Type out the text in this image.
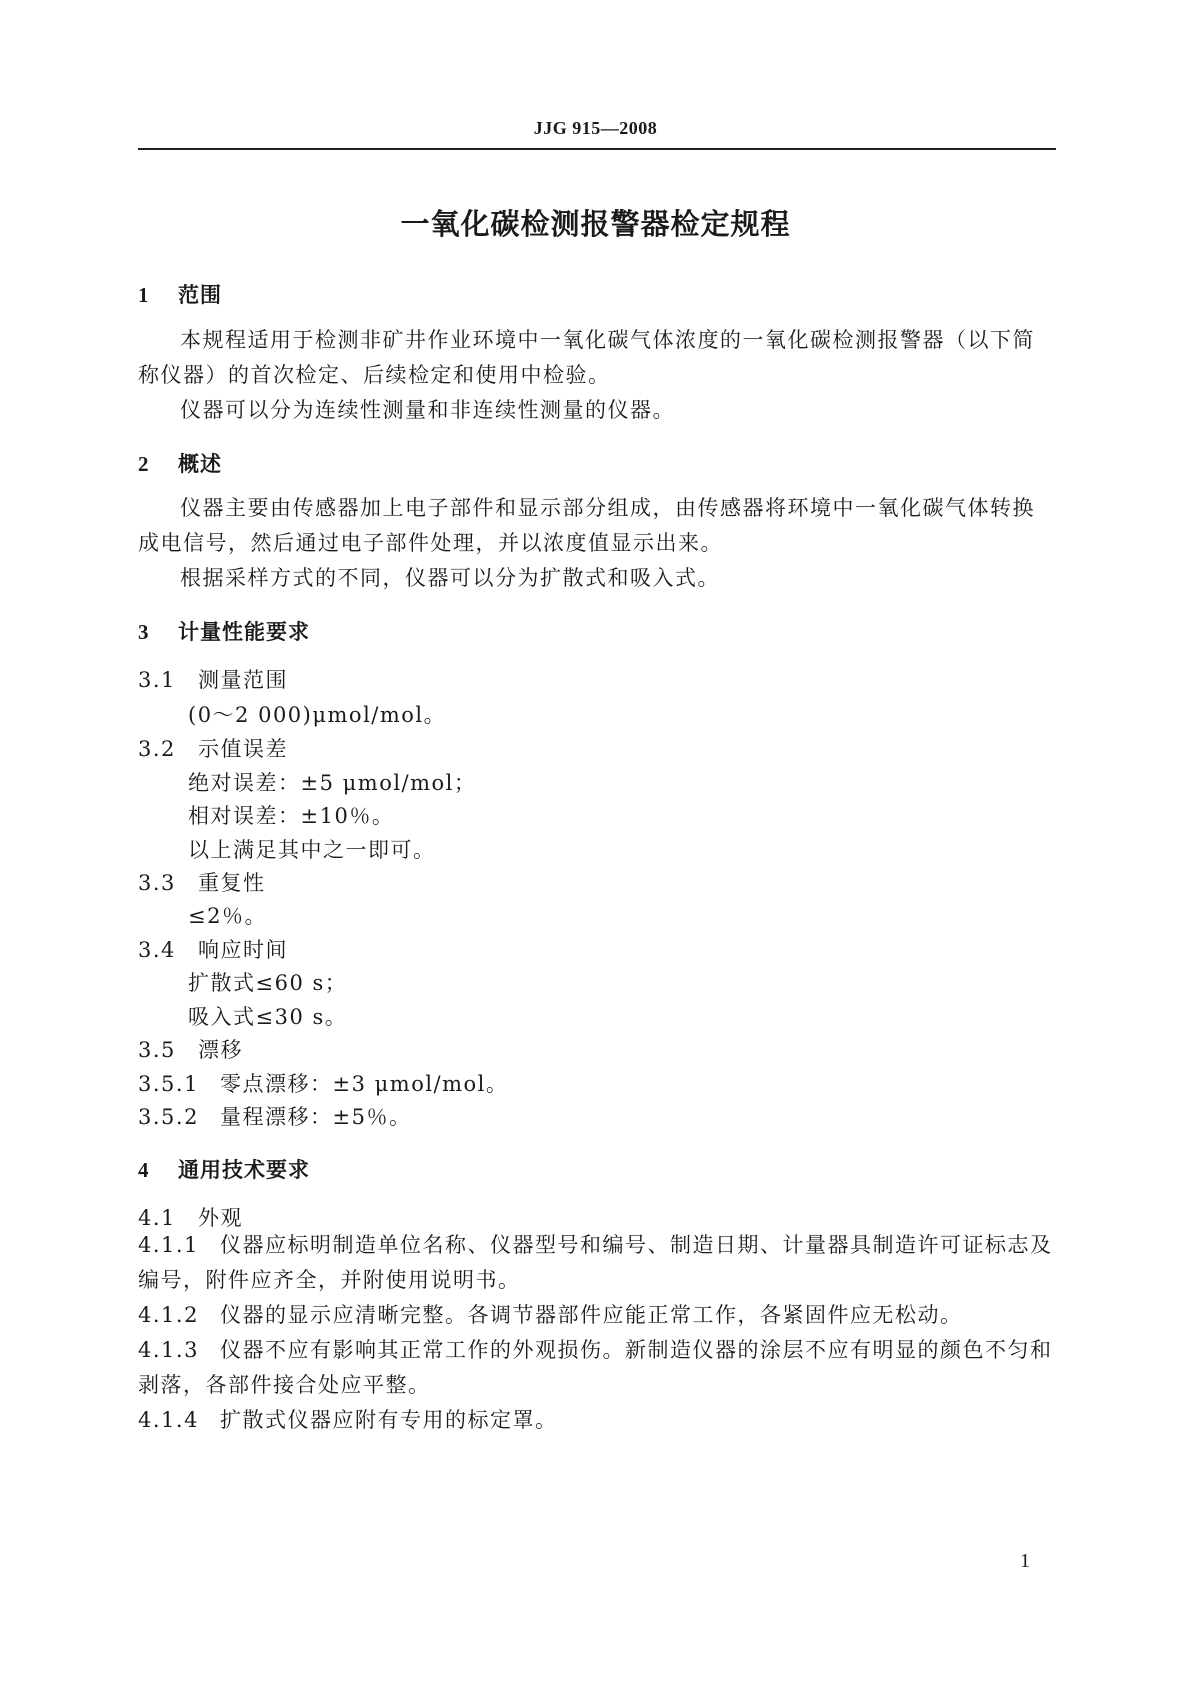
JJG 915—2008
一氧化碳检测报警器检定规程
1 范围

本规程适用于检测非矿井作业环境中一氧化碳气体浓度的一氧化碳检测报警器（以下简称仪器）的首次检定、后续检定和使用中检验。

仪器可以分为连续性测量和非连续性测量的仪器。

2 概述

仪器主要由传感器加上电子部件和显示部分组成，由传感器将环境中一氧化碳气体转换成电信号，然后通过电子部件处理，并以浓度值显示出来。

根据采样方式的不同，仪器可以分为扩散式和吸入式。

3 计量性能要求
3.1 测量范围
(0～2 000)μmol/mol。
3.2 示值误差
绝对误差：±5 μmol/mol；
相对误差：±10％。
以上满足其中之一即可。
3.3 重复性
≤2％。
3.4 响应时间
扩散式≤60 s；
吸入式≤30 s。
3.5 漂移
3.5.1 零点漂移：±3 μmol/mol。
3.5.2 量程漂移：±5％。
4 通用技术要求
4.1 外观

4.1.1 仪器应标明制造单位名称、仪器型号和编号、制造日期、计量器具制造许可证标志及编号，附件应齐全，并附使用说明书。

4.1.2 仪器的显示应清晰完整。各调节器部件应能正常工作，各紧固件应无松动。

4.1.3 仪器不应有影响其正常工作的外观损伤。新制造仪器的涂层不应有明显的颜色不匀和剥落，各部件接合处应平整。

4.1.4 扩散式仪器应附有专用的标定罩。

1
